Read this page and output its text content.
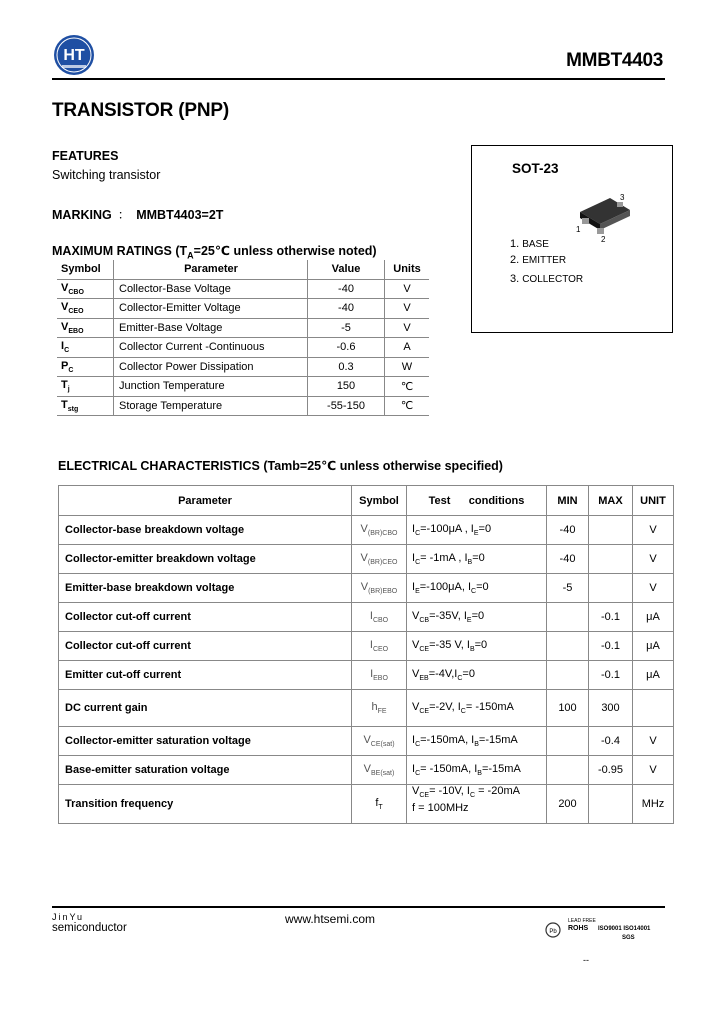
HT	MMBT4403
TRANSISTOR (PNP)
FEATURES
Switching transistor
MARKING ： MMBT4403=2T
MAXIMUM RATINGS ($T_A=25℃$ unless otherwise noted)
Symbol	Parameter	Value	Units
$V_{CBO}$	Collector-Base Voltage	-40	V
$V_{CEO}$	Collector-Emitter Voltage	-40	V
$V_{EBO}$	Emitter-Base Voltage	-5	V
$I_C$	Collector Current -Continuous	-0.6	A
$P_C$	Collector Power Dissipation	0.3	W
$T_j$	Junction Temperature	150	℃
$T_{stg}$	Storage Temperature	-55-150	℃
SOT-23
3
1
2
1. BASE
2. EMITTER
3. COLLECTOR
ELECTRICAL CHARACTERISTICS (Tamb=25℃ unless otherwise specified)
Parameter	Symbol	Test      conditions	MIN	MAX	UNIT
Collector-base breakdown voltage	$V_{(BR)CBO}$	$I_C=-100\mu A$ , $I_E=0$	-40		V
Collector-emitter breakdown voltage	$V_{(BR)CEO}$	$I_C= -1mA$ , $I_B=0$	-40		V
Emitter-base breakdown voltage	$V_{(BR)EBO}$	$I_E=-100\mu A$, $I_C=0$	-5		V
Collector cut-off current	$I_{CBO}$	$V_{CB}=-35V$, $I_E=0$		-0.1	μA
Collector cut-off current	$I_{CEO}$	$V_{CE}=-35$ V, $I_B=0$		-0.1	μA
Emitter cut-off current	$I_{EBO}$	$V_{EB}=-4V,I_C=0$		-0.1	μA
DC current gain	$h_{FE}$	$V_{CE}=-2V$, $I_C= -150mA$	100	300	
Collector-emitter saturation voltage	$V_{CE(sat)}$	$I_C=-150mA$, $I_B=-15mA$		-0.4	V
Base-emitter saturation voltage	$V_{BE(sat)}$	$I_C= -150mA$, $I_B=-15mA$		-0.95	V
Transition frequency	$f_T$	$V_{CE}= -10V$, $I_C = -20mA$
f = 100MHz	200		MHz
JinYu
semiconductor
www.htsemi.com
Pb
LEAD FREE
ROHS ISO9001 ISO14001
SGS
--
